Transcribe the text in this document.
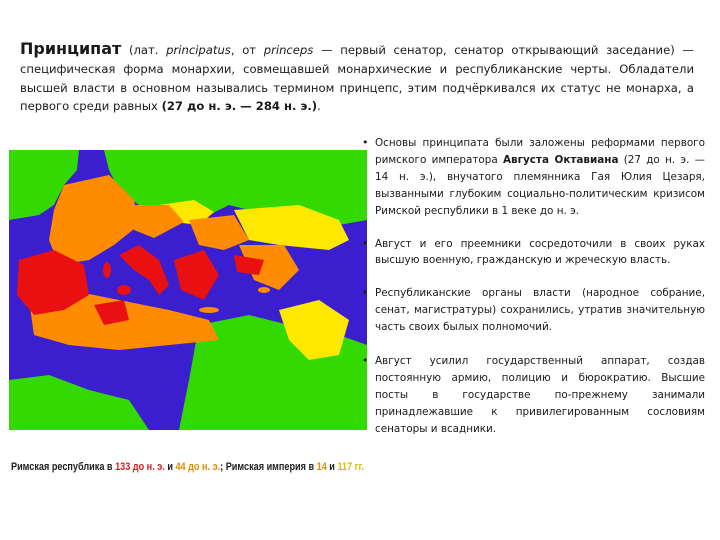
Принципат (лат. principatus, от princeps — первый сенатор, сенатор открывающий заседание) —специфическая форма монархии, совмещавшей монархические и республиканские черты. Обладатели высшей власти в основном назывались термином принцепс, этим подчёркивался их статус не монарха, а первого среди равных (27 до н. э. — 284 н. э.).
Римская республика в 133 до н. э. и 44 до н. э.; Римская империя в 14 и 117 гг.
• Основы принципата были заложены реформами первого римского императора Августа Октавиана (27 до н. э. — 14 н. э.), внучатого племянника Гая Юлия Цезаря, вызванными глубоким социально-политическим кризисом Римской республики в 1 веке до н. э.
• Август и его преемники сосредоточили в своих руках высшую военную, гражданскую и жреческую власть.
• Республиканские органы власти (народное собрание, сенат, магистратуры) сохранились, утратив значительную часть своих былых полномочий.
• Август усилил государственный аппарат, создав постоянную армию, полицию и бюрократию. Высшие посты в государстве по-прежнему занимали принадлежавшие к привилегированным сословиям сенаторы и всадники.
